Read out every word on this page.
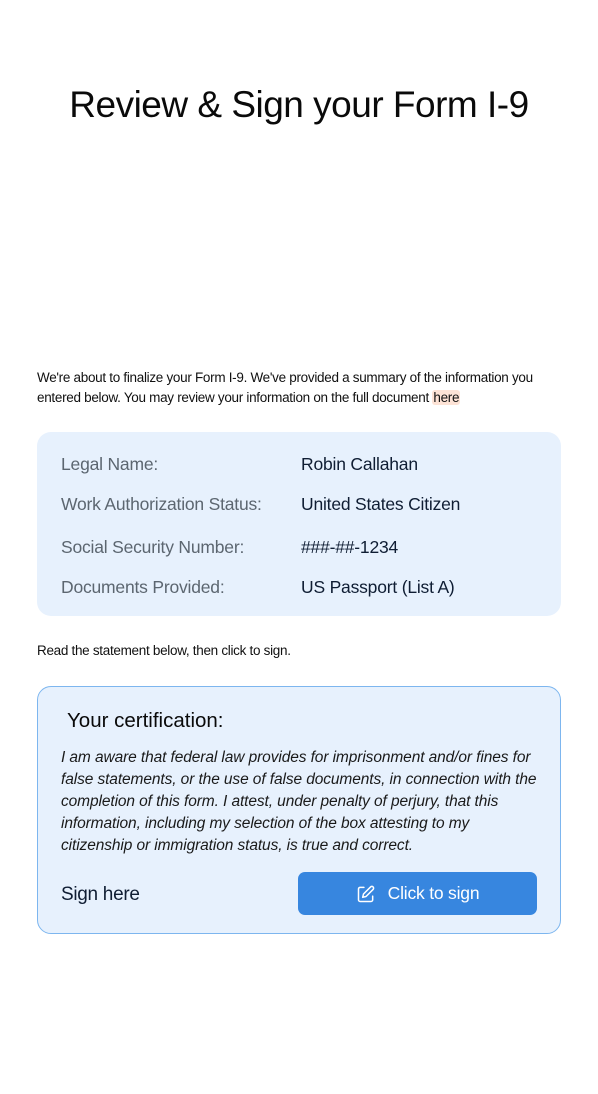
Review & Sign your Form I-9

We're about to finalize your Form I-9. We've provided a summary of the information you entered below. You may review your information on the full document here

Legal Name:	Robin Callahan
Work Authorization Status: United States Citizen
Social Security Number:	###-##-1234
Documents Provided:	US Passport (List A)

Read the statement below, then click to sign.

Your certification:

I am aware that federal law provides for imprisonment and/or fines for false statements, or the use of false documents, in connection with the completion of this form. I attest, under penalty of perjury, that this information, including my selection of the box attesting to my citizenship or immigration status, is true and correct.

Sign here	Click to sign
